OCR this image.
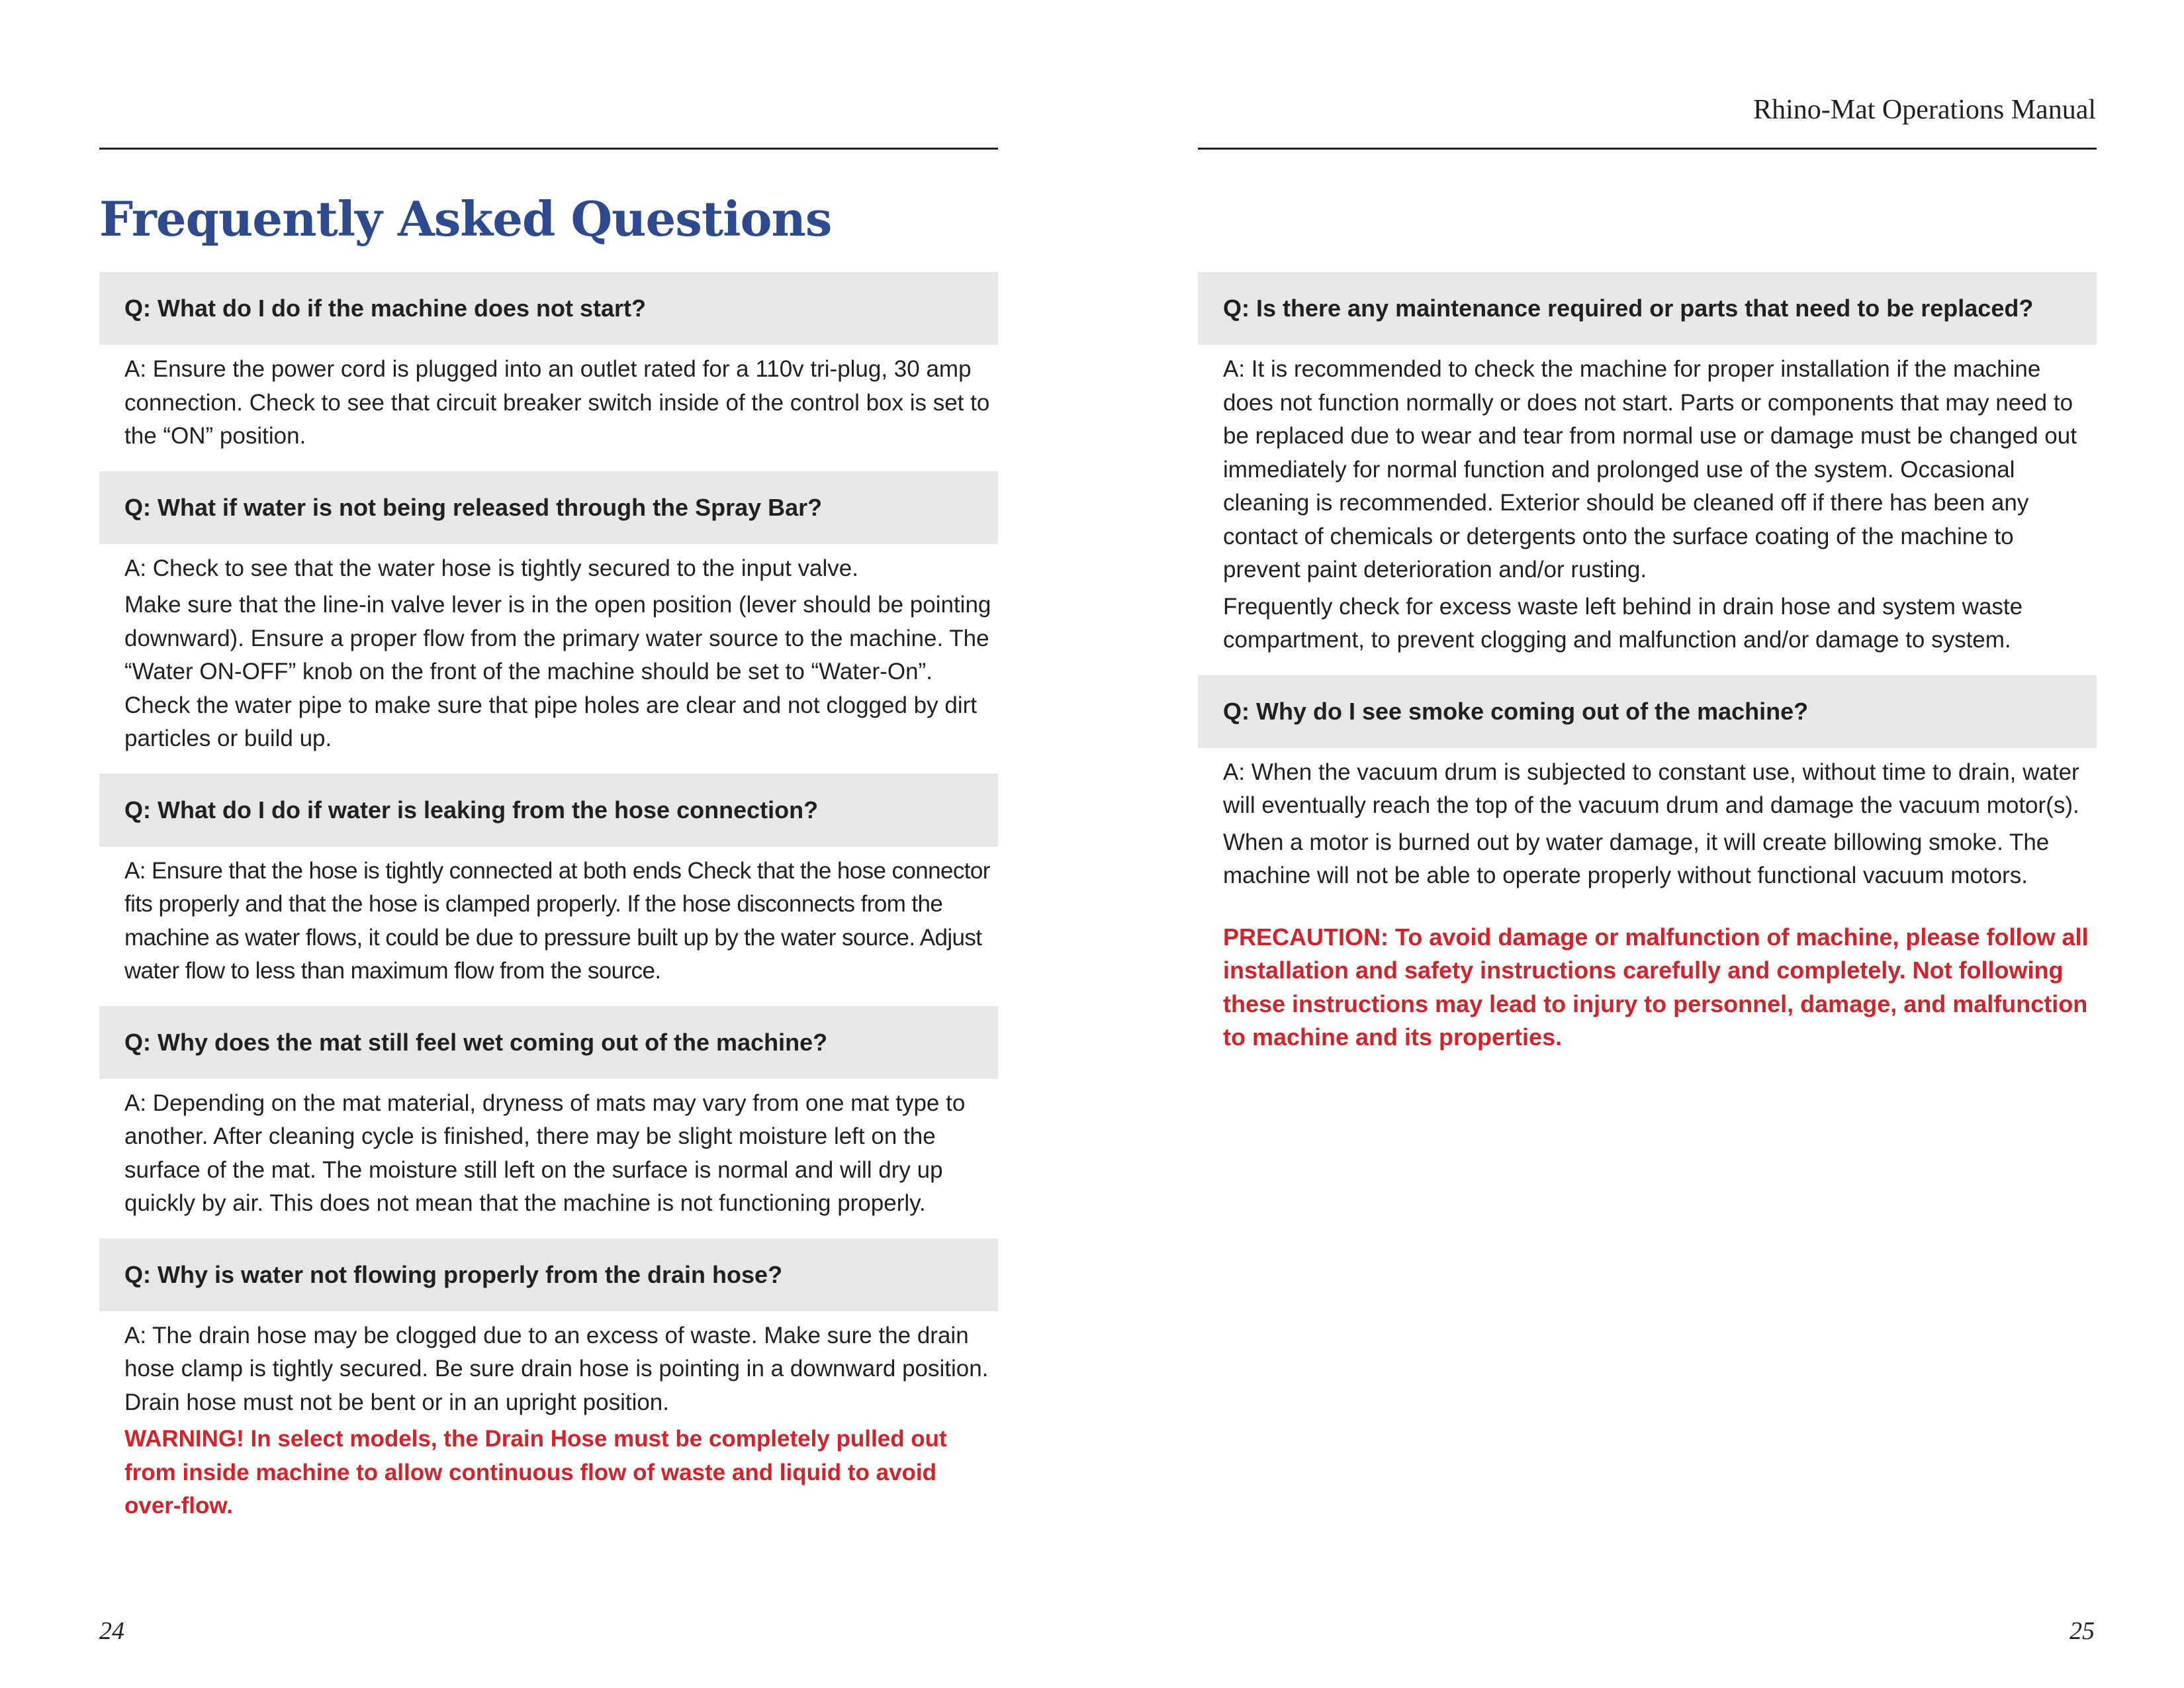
Rhino-Mat Operations Manual
Frequently Asked Questions
Q: What do I do if the machine does not start?

A: Ensure the power cord is plugged into an outlet rated for a 110v tri-plug, 30 amp connection. Check to see that circuit breaker switch inside of the control box is set to the “ON” position.

Q: What if water is not being released through the Spray Bar?

A: Check to see that the water hose is tightly secured to the input valve.

Make sure that the line-in valve lever is in the open position (lever should be pointing downward). Ensure a proper flow from the primary water source to the machine. The “Water ON-OFF” knob on the front of the machine should be set to “Water-On”. Check the water pipe to make sure that pipe holes are clear and not clogged by dirt particles or build up.

Q: What do I do if water is leaking from the hose connection?

A: Ensure that the hose is tightly connected at both ends Check that the hose connector fits properly and that the hose is clamped properly. If the hose disconnects from the machine as water flows, it could be due to pressure built up by the water source. Adjust water flow to less than maximum flow from the source.

Q: Why does the mat still feel wet coming out of the machine?

A: Depending on the mat material, dryness of mats may vary from one mat type to another. After cleaning cycle is finished, there may be slight moisture left on the surface of the mat. The moisture still left on the surface is normal and will dry up quickly by air. This does not mean that the machine is not functioning properly.

Q: Why is water not flowing properly from the drain hose?

A: The drain hose may be clogged due to an excess of waste. Make sure the drain hose clamp is tightly secured. Be sure drain hose is pointing in a downward position. Drain hose must not be bent or in an upright position.

WARNING! In select models, the Drain Hose must be completely pulled out from inside machine to allow continuous flow of waste and liquid to avoid over-flow.

Q: Is there any maintenance required or parts that need to be replaced?

A: It is recommended to check the machine for proper installation if the machine does not function normally or does not start. Parts or components that may need to be replaced due to wear and tear from normal use or damage must be changed out immediately for normal function and prolonged use of the system. Occasional cleaning is recommended. Exterior should be cleaned off if there has been any contact of chemicals or detergents onto the surface coating of the machine to prevent paint deterioration and/or rusting.

Frequently check for excess waste left behind in drain hose and system waste compartment, to prevent clogging and malfunction and/or damage to system.

Q: Why do I see smoke coming out of the machine?

A: When the vacuum drum is subjected to constant use, without time to drain, water will eventually reach the top of the vacuum drum and damage the vacuum motor(s).

When a motor is burned out by water damage, it will create billowing smoke. The machine will not be able to operate properly without functional vacuum motors.

PRECAUTION: To avoid damage or malfunction of machine, please follow all installation and safety instructions carefully and completely. Not following these instructions may lead to injury to personnel, damage, and malfunction to machine and its properties.

24	25
